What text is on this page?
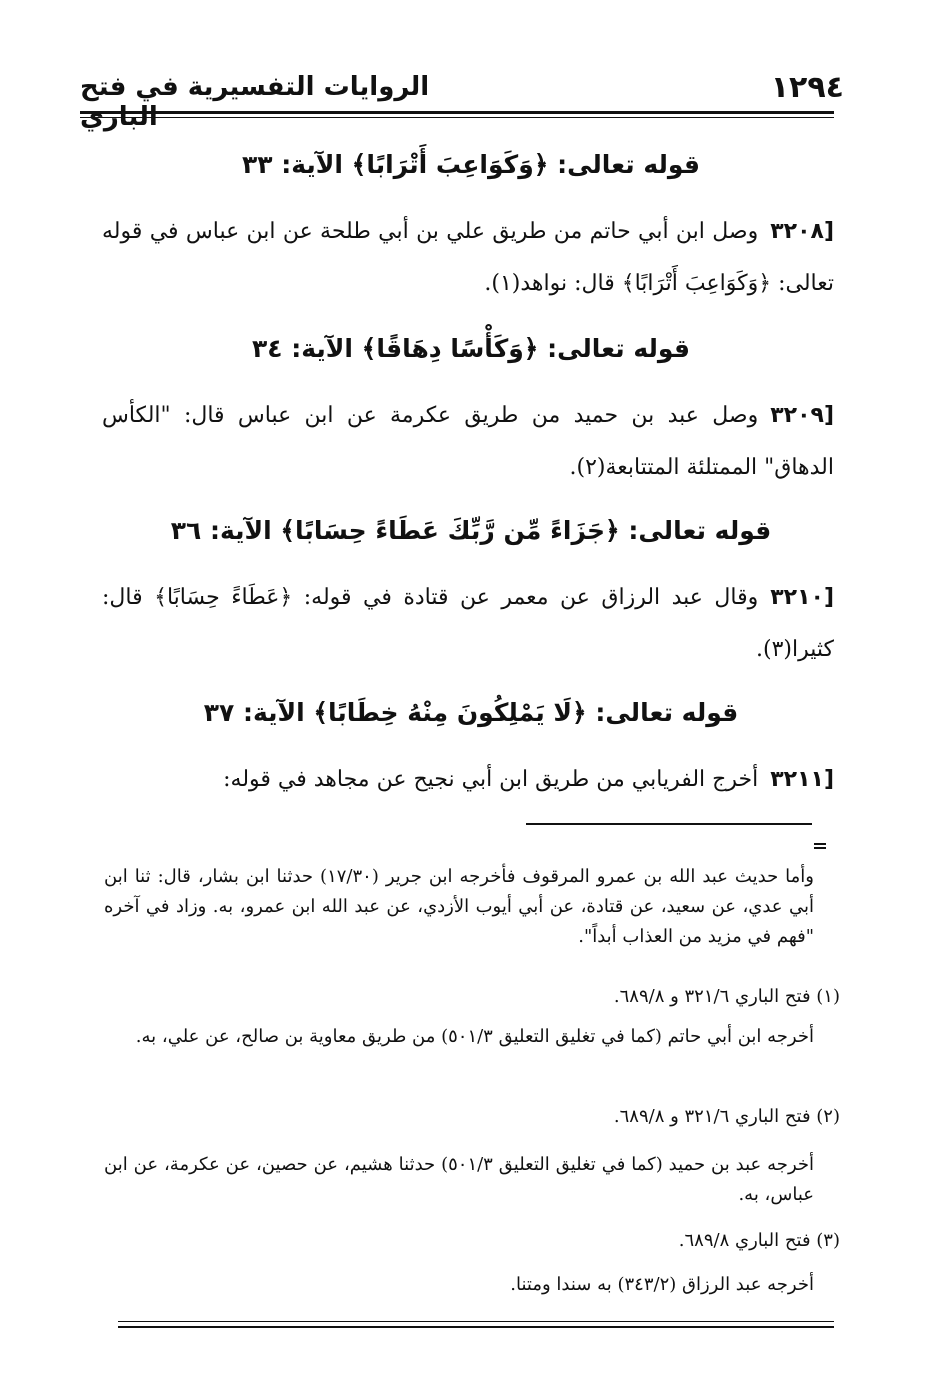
١٢٩٤
الروايات التفسيرية في فتح
قوله تعالى: ﴿وَكَوَاعِبَ أَتْرَابًا﴾ الآية: ٣٣
[٣٢٠٨وصل ابن أبي حاتم من طريق علي بن أبي طلحة عن ابن عباس في قوله تعالى: ﴿وَكَوَاعِبَ أَتْرَابًا﴾ قال: نواهد(١).
قوله تعالى: ﴿وَكَأْسًا دِهَاقًا﴾ الآية: ٣٤
[٣٢٠٩وصل عبد بن حميد من طريق عكرمة عن ابن عباس قال: "الكأس الدهاق" الممتلئة المتتابعة(٢).
قوله تعالى: ﴿جَزَاءً مِّن رَّبِّكَ عَطَاءً حِسَابًا﴾ الآية: ٣٦
[٣٢١٠وقال عبد الرزاق عن معمر عن قتادة في قوله: ﴿عَطَاءً حِسَابًا﴾ قال: كثيرا(٣).
قوله تعالى: ﴿لَا يَمْلِكُونَ مِنْهُ خِطَابًا﴾ الآية: ٣٧
[٣٢١١أخرج الفريابي من طريق ابن أبي نجيح عن مجاهد في قوله:
وأما حديث عبد الله بن عمرو المرقوف فأخرجه ابن جرير (١٧/٣٠) حدثنا ابن بشار، قال: ثنا ابن أبي عدي، عن سعيد، عن قتادة، عن أبي أيوب الأزدي، عن عبد الله ابن عمرو، به. وزاد في آخره "فهم في مزيد من العذاب أبداً".
(١) فتح الباري ٣٢١/٦ و ٦٨٩/٨.
أخرجه ابن أبي حاتم (كما في تغليق التعليق ٥٠١/٣) من طريق معاوية بن صالح، عن علي، به.
(٢) فتح الباري ٣٢١/٦ و ٦٨٩/٨.
أخرجه عبد بن حميد (كما في تغليق التعليق ٥٠١/٣) حدثنا هشيم، عن حصين، عن عكرمة، عن ابن عباس، به.
(٣) فتح الباري ٦٨٩/٨.
أخرجه عبد الرزاق (٣٤٣/٢) به سندا ومتنا.
